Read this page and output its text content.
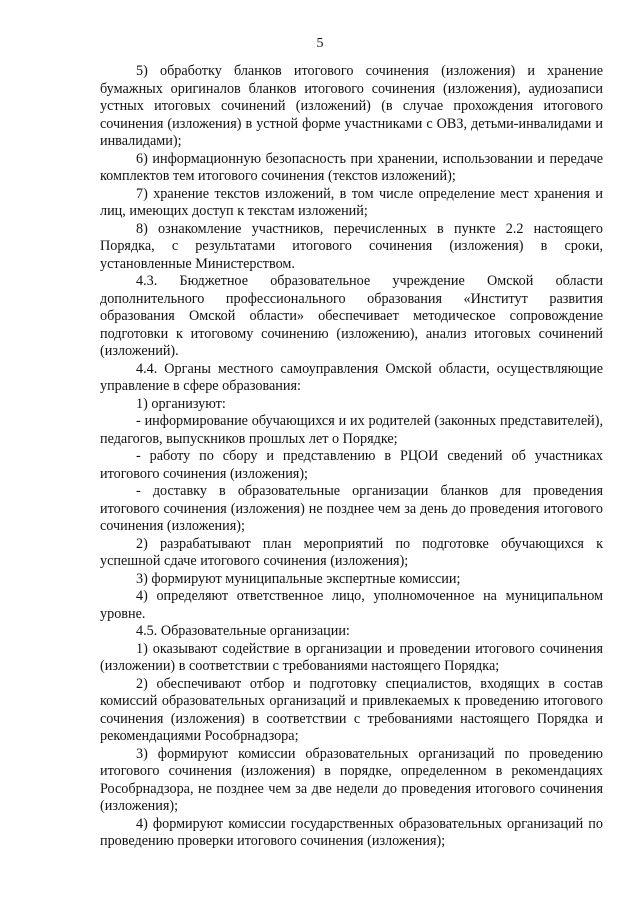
5

5) обработку бланков итогового сочинения (изложения) и хранение бумажных оригиналов бланков итогового сочинения (изложения), аудиозаписи устных итоговых сочинений (изложений) (в случае прохождения итогового сочинения (изложения) в устной форме участниками с ОВЗ, детьми-инвалидами и инвалидами);

6) информационную безопасность при хранении, использовании и передаче комплектов тем итогового сочинения (текстов изложений);

7) хранение текстов изложений, в том числе определение мест хранения и лиц, имеющих доступ к текстам изложений;

8) ознакомление участников, перечисленных в пункте 2.2 настоящего Порядка, с результатами итогового сочинения (изложения) в сроки, установленные Министерством.

4.3. Бюджетное образовательное учреждение Омской области дополнительного профессионального образования «Институт развития образования Омской области» обеспечивает методическое сопровождение подготовки к итоговому сочинению (изложению), анализ итоговых сочинений (изложений).

4.4. Органы местного самоуправления Омской области, осуществляющие управление в сфере образования:

1) организуют:

- информирование обучающихся и их родителей (законных представителей), педагогов, выпускников прошлых лет о Порядке;

- работу по сбору и представлению в РЦОИ сведений об участниках итогового сочинения (изложения);

- доставку в образовательные организации бланков для проведения итогового сочинения (изложения) не позднее чем за день до проведения итогового сочинения (изложения);

2) разрабатывают план мероприятий по подготовке обучающихся к успешной сдаче итогового сочинения (изложения);

3) формируют муниципальные экспертные комиссии;

4) определяют ответственное лицо, уполномоченное на муниципальном уровне.

4.5. Образовательные организации:

1) оказывают содействие в организации и проведении итогового сочинения (изложении) в соответствии с требованиями настоящего Порядка;

2) обеспечивают отбор и подготовку специалистов, входящих в состав комиссий образовательных организаций и привлекаемых к проведению итогового сочинения (изложения) в соответствии с требованиями настоящего Порядка и рекомендациями Рособрнадзора;

3) формируют комиссии образовательных организаций по проведению итогового сочинения (изложения) в порядке, определенном в рекомендациях Рособрнадзора, не позднее чем за две недели до проведения итогового сочинения (изложения);

4) формируют комиссии государственных образовательных организаций по проведению проверки итогового сочинения (изложения);
